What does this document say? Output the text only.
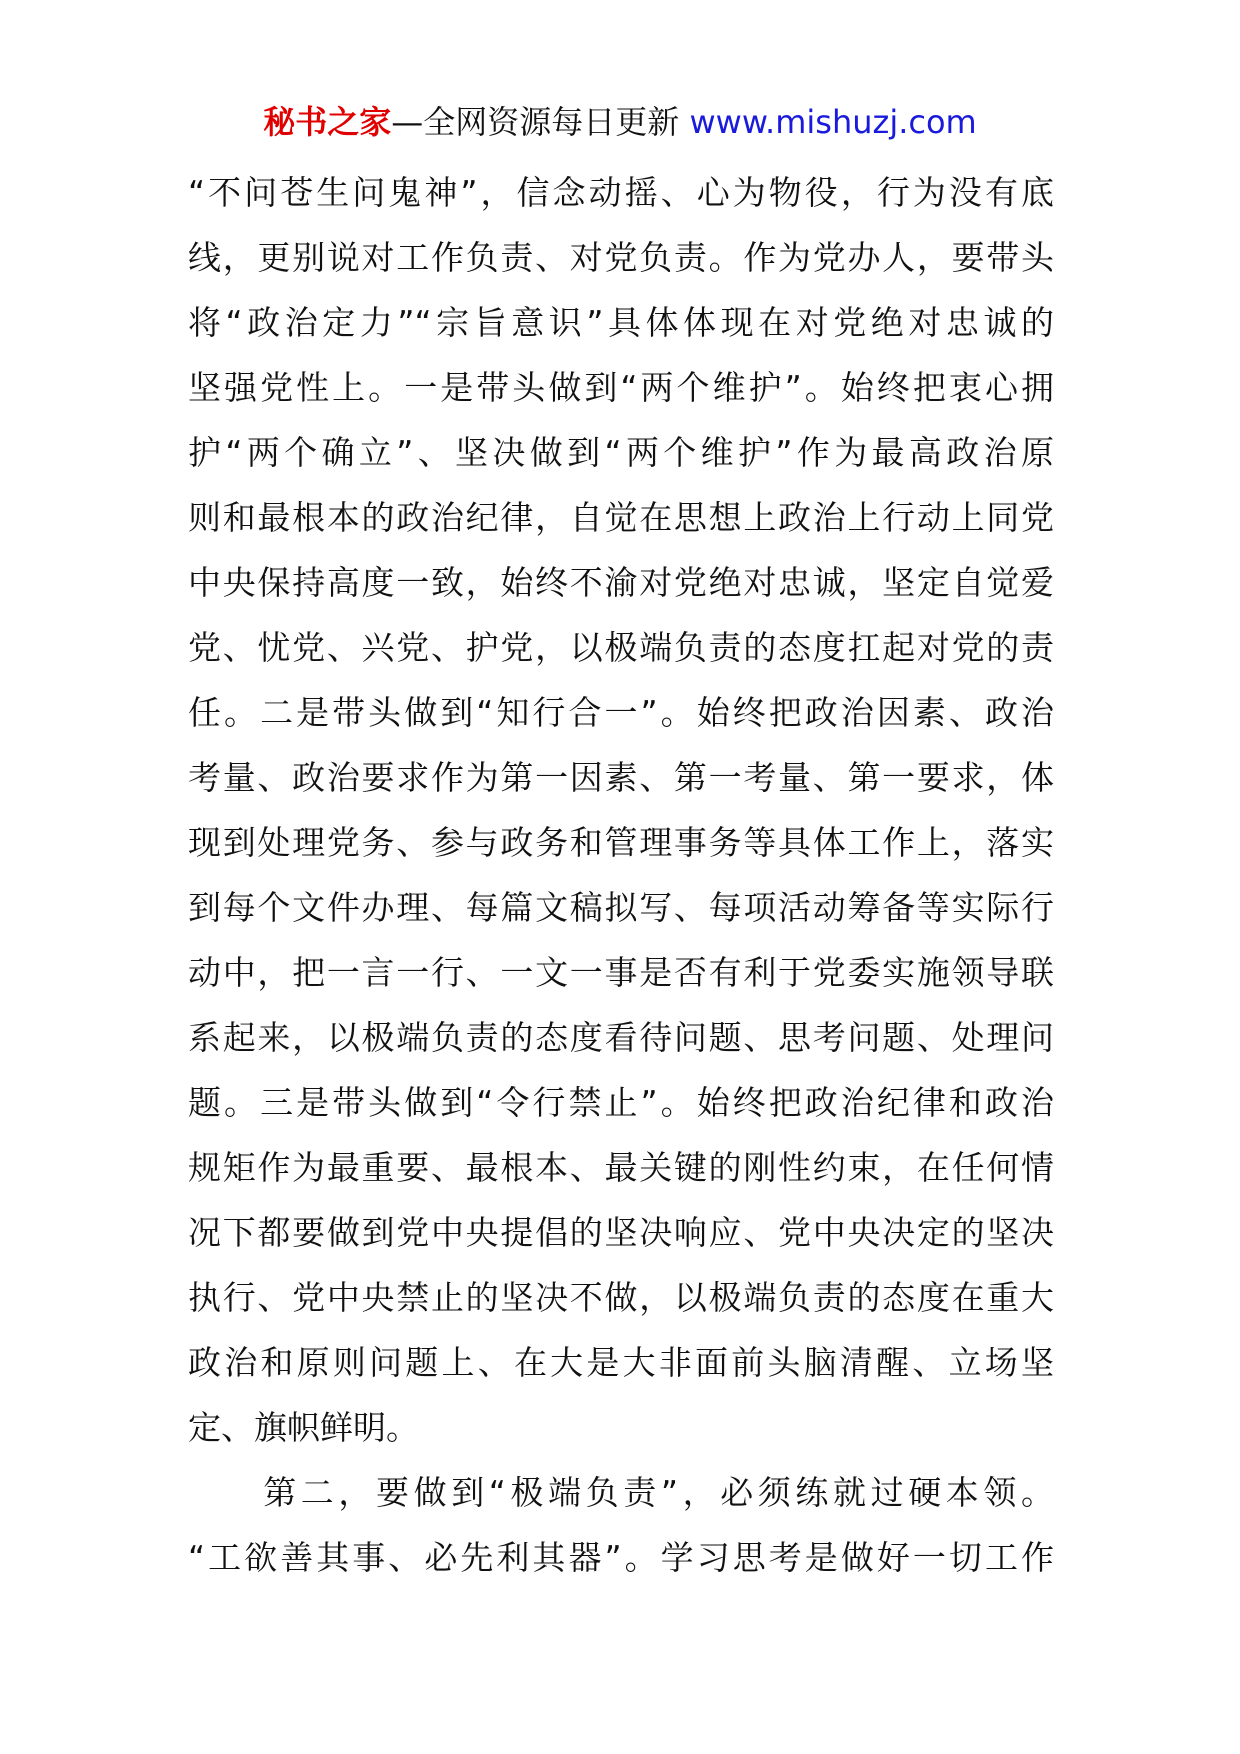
秘书之家—全网资源每日更新 www.mishuzj.com
“不问苍生问鬼神”，信念动摇、心为物役，行为没有底
线，更别说对工作负责、对党负责。作为党办人，要带头
将“政治定力”“宗旨意识”具体体现在对党绝对忠诚的
坚强党性上。一是带头做到“两个维护”。始终把衷心拥
护“两个确立”、坚决做到“两个维护”作为最高政治原
则和最根本的政治纪律，自觉在思想上政治上行动上同党
中央保持高度一致，始终不渝对党绝对忠诚，坚定自觉爱
党、忧党、兴党、护党，以极端负责的态度扛起对党的责
任。二是带头做到“知行合一”。始终把政治因素、政治
考量、政治要求作为第一因素、第一考量、第一要求，体
现到处理党务、参与政务和管理事务等具体工作上，落实
到每个文件办理、每篇文稿拟写、每项活动筹备等实际行
动中，把一言一行、一文一事是否有利于党委实施领导联
系起来，以极端负责的态度看待问题、思考问题、处理问
题。三是带头做到“令行禁止”。始终把政治纪律和政治
规矩作为最重要、最根本、最关键的刚性约束，在任何情
况下都要做到党中央提倡的坚决响应、党中央决定的坚决
执行、党中央禁止的坚决不做，以极端负责的态度在重大
政治和原则问题上、在大是大非面前头脑清醒、立场坚
定、旗帜鲜明。
　　第二，要做到“极端负责”，必须练就过硬本领。
“工欲善其事、必先利其器”。学习思考是做好一切工作
